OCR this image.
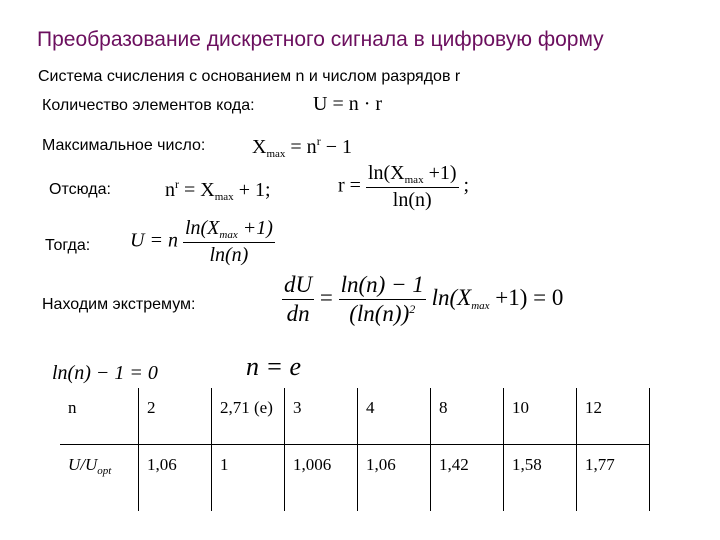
Преобразование дискретного сигнала в цифровую форму
Система счисления с основанием n и числом разрядов r
Количество элементов кода:	U = n · r
Максимальное число: $X_{max} = n^r - 1$
Отсюда:	$n^r = X_{max} + 1$;	$r = \frac{\ln(X_{max} +1)}{\ln(n)}$ ;
Тогда: U = n $\frac{\ln(X_{max} +1)}{\ln(n)}$
Находим экстремум:	$\frac{dU}{dn} = \frac{\ln(n) - 1}{(\ln(n))^2} \ln(X_{max} +1) = 0$
ln(n) − 1 = 0	n = e
n	2	2,71 (e)	3	4	8	10	12
$U/U_{opt}$	1,06	1	1,006	1,06	1,42	1,58	1,77
